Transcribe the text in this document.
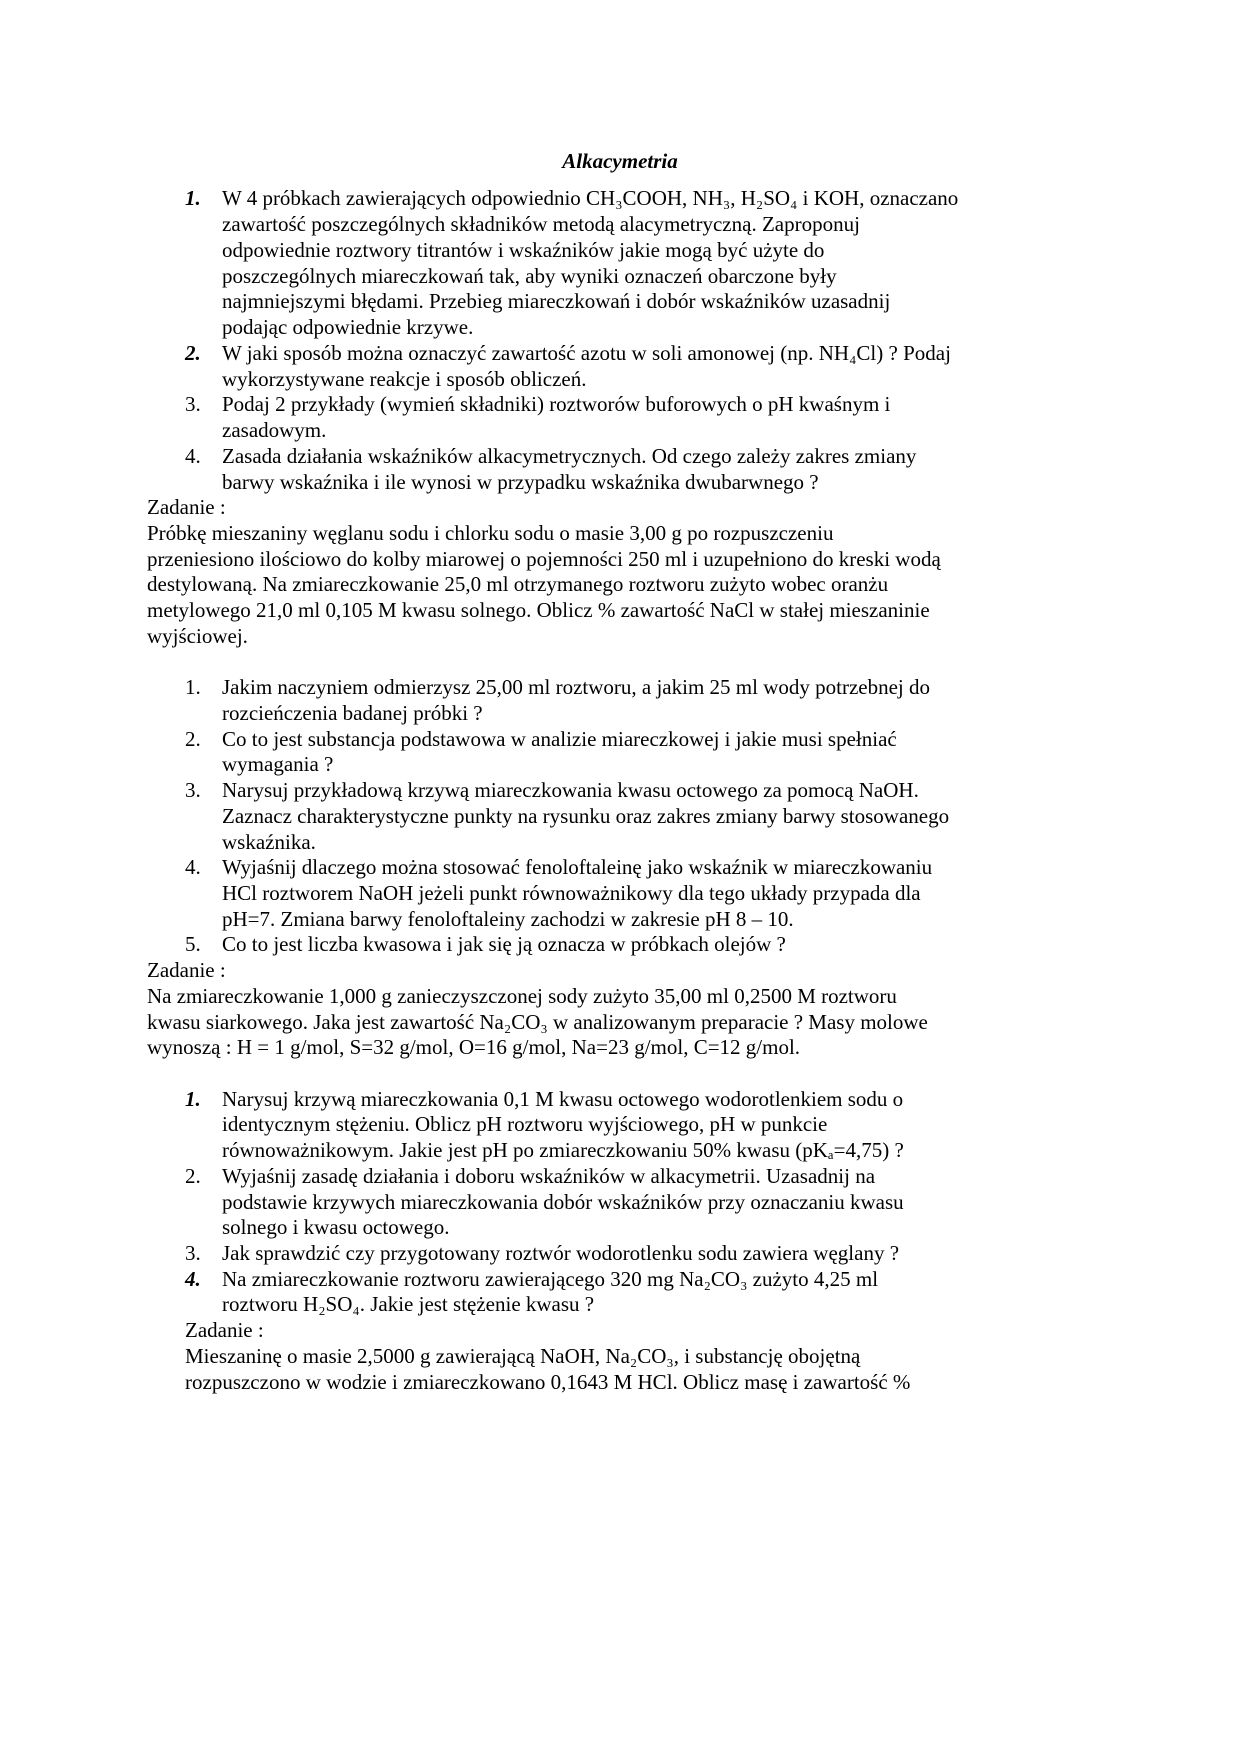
Alkacymetria
1. W 4 próbkach zawierających odpowiednio CH₃COOH, NH₃, H₂SO₄ i KOH, oznaczano
zawartość poszczególnych składników metodą alacymetryczną. Zaproponuj
odpowiednie roztwory titrantów i wskaźników jakie mogą być użyte do
poszczególnych miareczkowań tak, aby wyniki oznaczeń obarczone były
najmniejszymi błędami. Przebieg miareczkowań i dobór wskaźników uzasadnij
podając odpowiednie krzywe.
2. W jaki sposób można oznaczyć zawartość azotu w soli amonowej (np. NH₄Cl) ? Podaj
wykorzystywane reakcje i sposób obliczeń.
3. Podaj 2 przykłady (wymień składniki) roztworów buforowych o pH kwaśnym i
zasadowym.
4. Zasada działania wskaźników alkacymetrycznych. Od czego zależy zakres zmiany
barwy wskaźnika i ile wynosi w przypadku wskaźnika dwubarwnego ?
Zadanie :
Próbkę mieszaniny węglanu sodu i chlorku sodu o masie 3,00 g po rozpuszczeniu
przeniesiono ilościowo do kolby miarowej o pojemności 250 ml i uzupełniono do kreski wodą
destylowaną. Na zmiareczkowanie 25,0 ml otrzymanego roztworu zużyto wobec oranżu
metylowego 21,0 ml 0,105 M kwasu solnego. Oblicz % zawartość NaCl w stałej mieszaninie
wyjściowej.
1. Jakim naczyniem odmierzysz 25,00 ml roztworu, a jakim 25 ml wody potrzebnej do
rozcieńczenia badanej próbki ?
2. Co to jest substancja podstawowa w analizie miareczkowej i jakie musi spełniać
wymagania ?
3. Narysuj przykładową krzywą miareczkowania kwasu octowego za pomocą NaOH.
Zaznacz charakterystyczne punkty na rysunku oraz zakres zmiany barwy stosowanego
wskaźnika.
4. Wyjaśnij dlaczego można stosować fenoloftaleinę jako wskaźnik w miareczkowaniu
HCl roztworem NaOH jeżeli punkt równoważnikowy dla tego układy przypada dla
pH=7. Zmiana barwy fenoloftaleiny zachodzi w zakresie pH 8 – 10.
5. Co to jest liczba kwasowa i jak się ją oznacza w próbkach olejów ?
Zadanie :
Na zmiareczkowanie 1,000 g zanieczyszczonej sody zużyto 35,00 ml 0,2500 M roztworu
kwasu siarkowego. Jaka jest zawartość Na₂CO₃ w analizowanym preparacie ? Masy molowe
wynoszą : H = 1 g/mol, S=32 g/mol, O=16 g/mol, Na=23 g/mol, C=12 g/mol.
1. Narysuj krzywą miareczkowania 0,1 M kwasu octowego wodorotlenkiem sodu o
identycznym stężeniu. Oblicz pH roztworu wyjściowego, pH w punkcie
równoważnikowym. Jakie jest pH po zmiareczkowaniu 50% kwasu (pKₐ=4,75) ?
2. Wyjaśnij zasadę działania i doboru wskaźników w alkacymetrii. Uzasadnij na
podstawie krzywych miareczkowania dobór wskaźników przy oznaczaniu kwasu
solnego i kwasu octowego.
3. Jak sprawdzić czy przygotowany roztwór wodorotlenku sodu zawiera węglany ?
4. Na zmiareczkowanie roztworu zawierającego 320 mg Na₂CO₃ zużyto 4,25 ml
roztworu H₂SO₄. Jakie jest stężenie kwasu ?
Zadanie :
Mieszaninę o masie 2,5000 g zawierającą NaOH, Na₂CO₃, i substancję obojętną
rozpuszczono w wodzie i zmiareczkowano 0,1643 M HCl. Oblicz masę i zawartość %
